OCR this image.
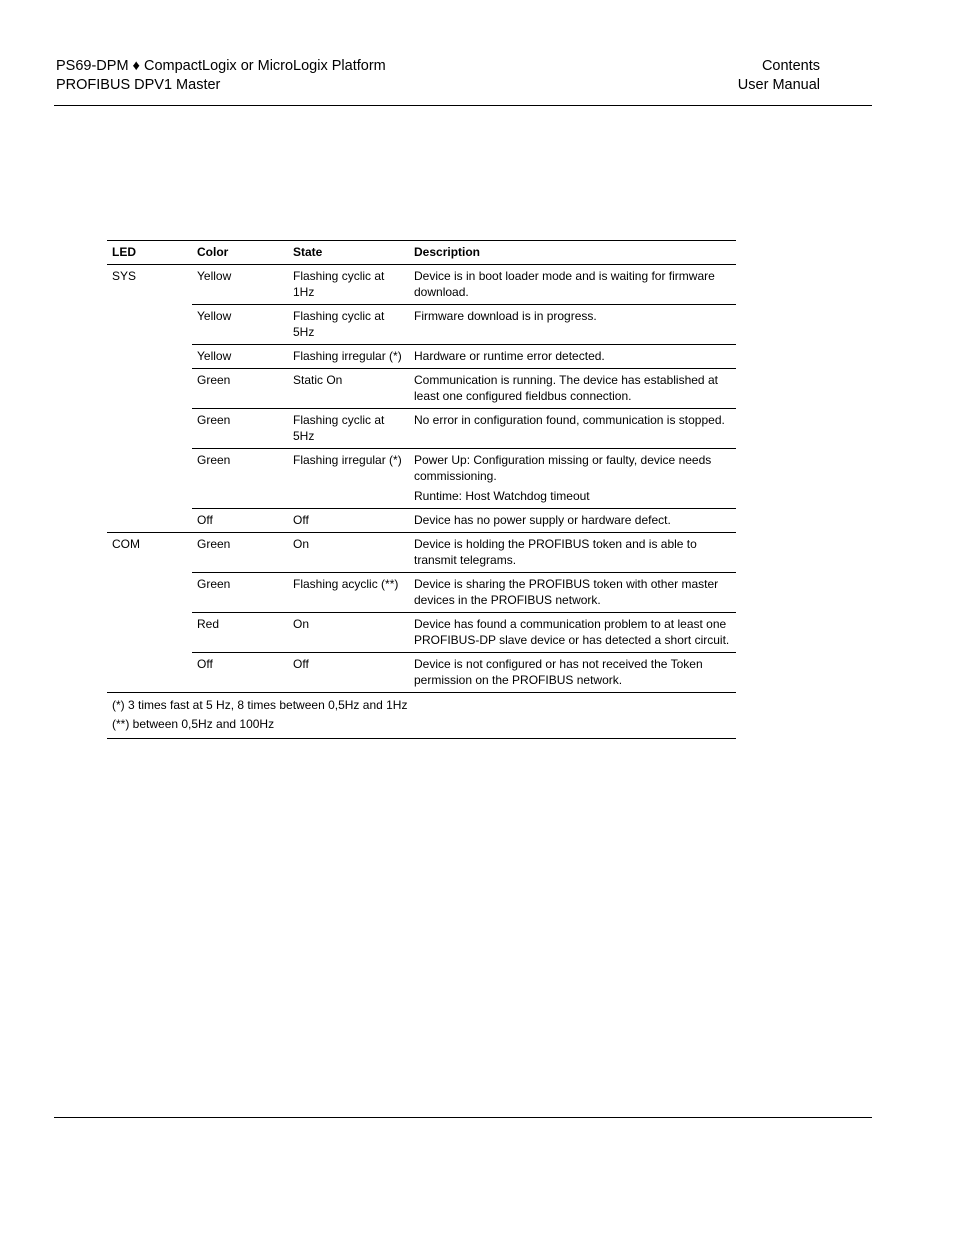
PS69-DPM ♦ CompactLogix or MicroLogix Platform
PROFIBUS DPV1 Master
Contents
User Manual
LED	Color	State	Description
SYS	Yellow	Flashing cyclic at 1Hz	Device is in boot loader mode and is waiting for firmware download.
	Yellow	Flashing cyclic at 5Hz	Firmware download is in progress.
	Yellow	Flashing irregular (*)	Hardware or runtime error detected.
	Green	Static On	Communication is running. The device has established at least one configured fieldbus connection.
	Green	Flashing cyclic at 5Hz	No error in configuration found, communication is stopped.
	Green	Flashing irregular (*)	Power Up: Configuration missing or faulty, device needs commissioning.
Runtime: Host Watchdog timeout

	Off	Off	Device has no power supply or hardware defect.
COM	Green	On	Device is holding the PROFIBUS token and is able to transmit telegrams.
	Green	Flashing acyclic (**)	Device is sharing the PROFIBUS token with other master devices in the PROFIBUS network.
	Red	On	Device has found a communication problem to at least one PROFIBUS-DP slave device or has detected a short circuit.
	Off	Off	Device is not configured or has not received the Token permission on the PROFIBUS network.

(*) 3 times fast at 5 Hz, 8 times between 0,5Hz and 1Hz
(**) between 0,5Hz and 100Hz			
